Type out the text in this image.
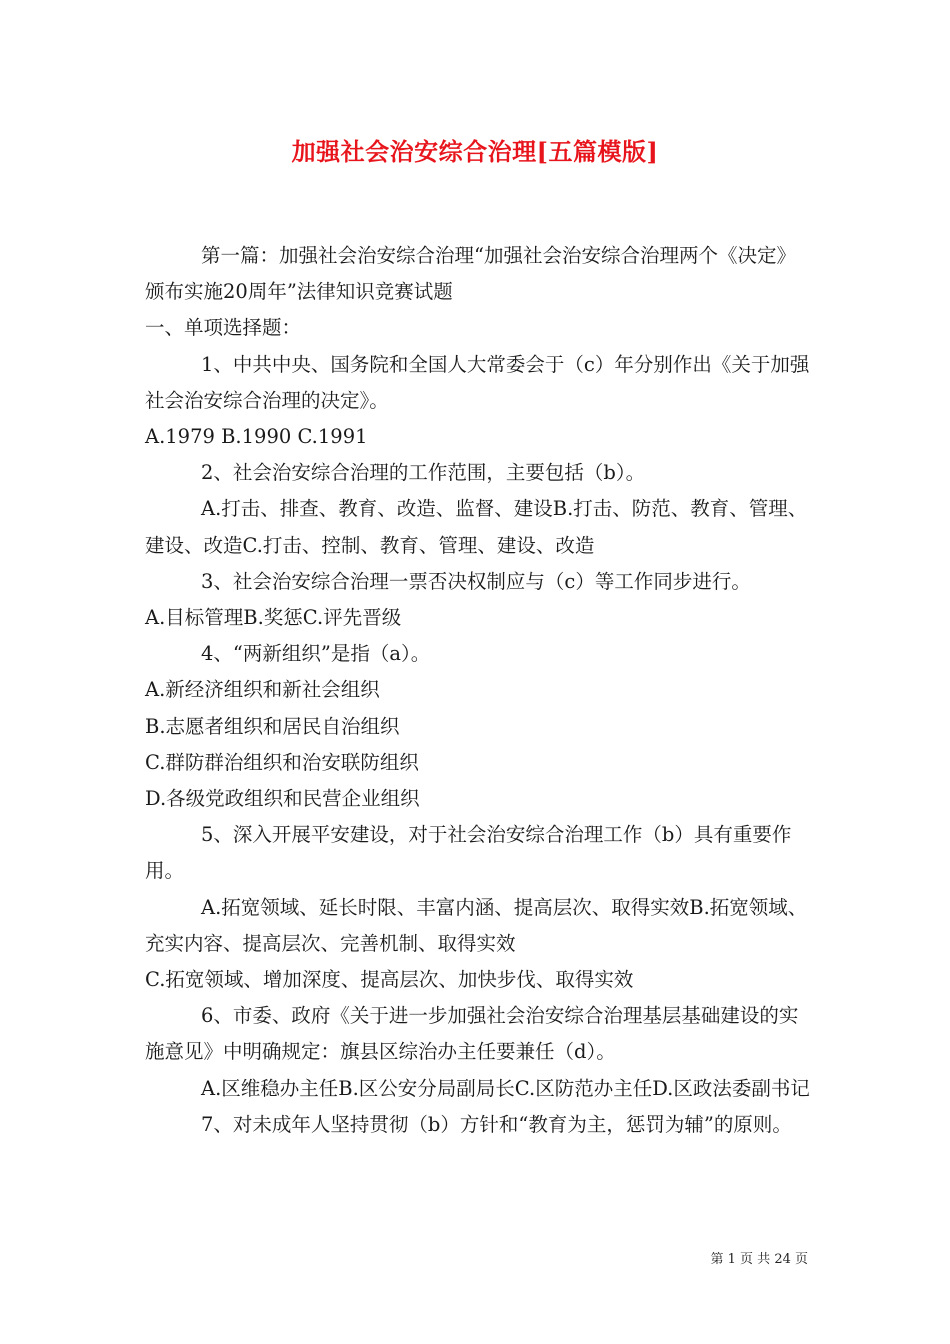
加强社会治安综合治理[五篇模版]

第一篇：加强社会治安综合治理“加强社会治安综合治理两个《决定》颁布实施20周年”法律知识竞赛试题

一、单项选择题：

1、中共中央、国务院和全国人大常委会于（c）年分别作出《关于加强社会治安综合治理的决定》。

A.1979 B.1990 C.1991

2、社会治安综合治理的工作范围，主要包括（b）。

A.打击、排查、教育、改造、监督、建设B.打击、防范、教育、管理、建设、改造C.打击、控制、教育、管理、建设、改造

3、社会治安综合治理一票否决权制应与（c）等工作同步进行。

A.目标管理B.奖惩C.评先晋级

4、“两新组织”是指（a）。

A.新经济组织和新社会组织

B.志愿者组织和居民自治组织

C.群防群治组织和治安联防组织

D.各级党政组织和民营企业组织

5、深入开展平安建设，对于社会治安综合治理工作（b）具有重要作用。

A.拓宽领域、延长时限、丰富内涵、提高层次、取得实效B.拓宽领域、充实内容、提高层次、完善机制、取得实效

C.拓宽领域、增加深度、提高层次、加快步伐、取得实效

6、市委、政府《关于进一步加强社会治安综合治理基层基础建设的实施意见》中明确规定：旗县区综治办主任要兼任（d）。

A.区维稳办主任B.区公安分局副局长C.区防范办主任D.区政法委副书记

7、对未成年人坚持贯彻（b）方针和“教育为主，惩罚为辅”的原则。

第 1 页 共 24 页
